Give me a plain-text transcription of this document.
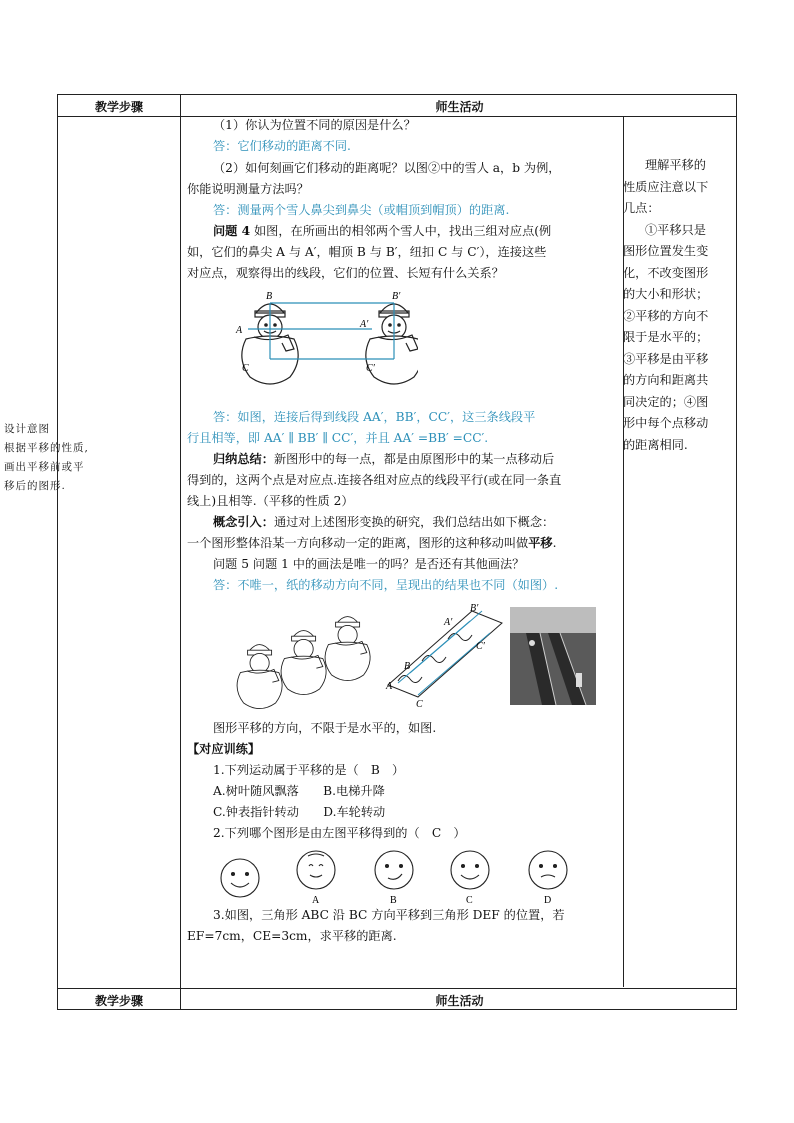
教学步骤	师生活动
教学步骤	师生活动
设计意图
根据平移的性质,
画出平移前或平
移后的图形.
理解平移的
性质应注意以下
几点：
①平移只是
图形位置发生变
化，不改变图形
的大小和形状；
②平移的方向不
限于是水平的；
③平移是由平移
的方向和距离共
同决定的；④图
形中每个点移动
的距离相同.
（1）你认为位置不同的原因是什么？
答：它们移动的距离不同.
（2）如何刻画它们移动的距离呢？以图②中的雪人 a，b 为例，
你能说明测量方法吗？
答：测量两个雪人鼻尖到鼻尖（或帽顶到帽顶）的距离.
问题 4 如图，在所画出的相邻两个雪人中，找出三组对应点(例
如，它们的鼻尖 A 与 A′，帽顶 B 与 B′，纽扣 C 与 C′），连接这些
对应点，观察得出的线段，它们的位置、长短有什么关系？
B	B′
A
A′
C	C′
答：如图，连接后得到线段 AA′，BB′，CC′，这三条线段平
行且相等，即 AA′ ∥ BB′ ∥ CC′，并且 AA′ =BB′ =CC′.
归纳总结：新图形中的每一点，都是由原图形中的某一点移动后
得到的，这两个点是对应点.连接各组对应点的线段平行(或在同一条直
线上)且相等.（平移的性质 2）
概念引入：通过对上述图形变换的研究，我们总结出如下概念：
一个图形整体沿某一方向移动一定的距离，图形的这种移动叫做平移.
问题 5 问题 1 中的画法是唯一的吗？是否还有其他画法？
答：不唯一，纸的移动方向不同，呈现出的结果也不同（如图）.
A
B
C
A′
B′
C′
图形平移的方向，不限于是水平的，如图.
【对应训练】
1.下列运动属于平移的是（　B　）
A.树叶随风飘落　　B.电梯升降
C.钟表指针转动　　D.车轮转动
2.下列哪个图形是由左图平移得到的（　C　）
A	B	C	D
3.如图，三角形 ABC 沿 BC 方向平移到三角形 DEF 的位置，若
EF=7cm，CE=3cm，求平移的距离.
